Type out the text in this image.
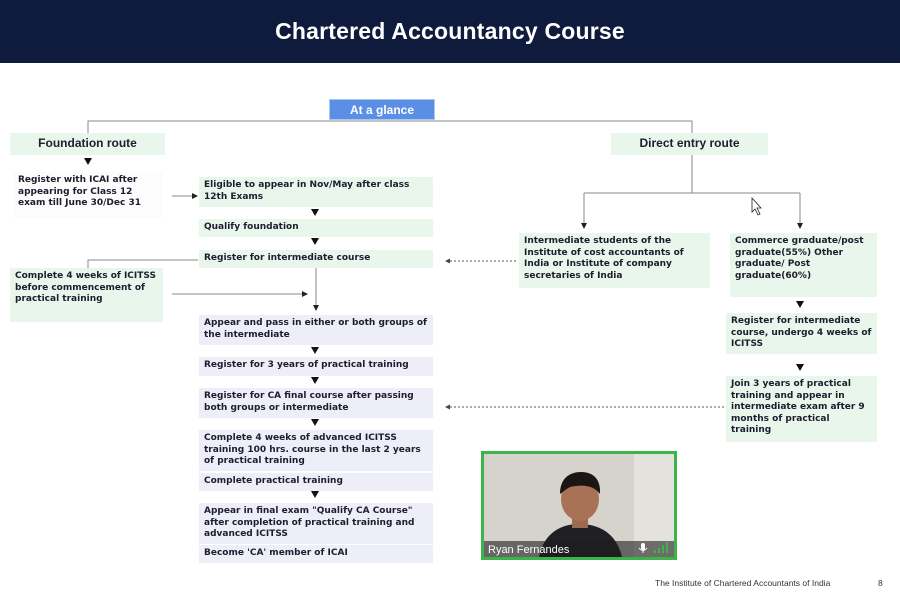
Chartered Accountancy Course
At a glance
Foundation route	Direct entry route
Register with ICAI after appearing for Class 12 exam till June 30/Dec 31
Complete 4 weeks of ICITSS before commencement of practical training
Eligible to appear in Nov/May after class 12th Exams
Qualify foundation
Register for intermediate course
Appear and pass in either or both groups of the intermediate
Register for 3 years of practical training
Register for CA final course after passing both groups or intermediate
Complete 4 weeks of advanced ICITSS training 100 hrs. course in the last 2 years of practical training
Complete practical training
Appear in final exam "Qualify CA Course" after completion of practical training and advanced ICITSS
Become 'CA' member of ICAI
Intermediate students of the Institute of cost accountants of India or Institute of company secretaries of India
Commerce graduate/post graduate(55%) Other graduate/ Post graduate(60%)
Register for intermediate course, undergo 4 weeks of ICITSS
Join 3 years of practical training and appear in intermediate exam after 9 months of practical training
Ryan Fernandes
The Institute of Chartered Accountants of India	8
